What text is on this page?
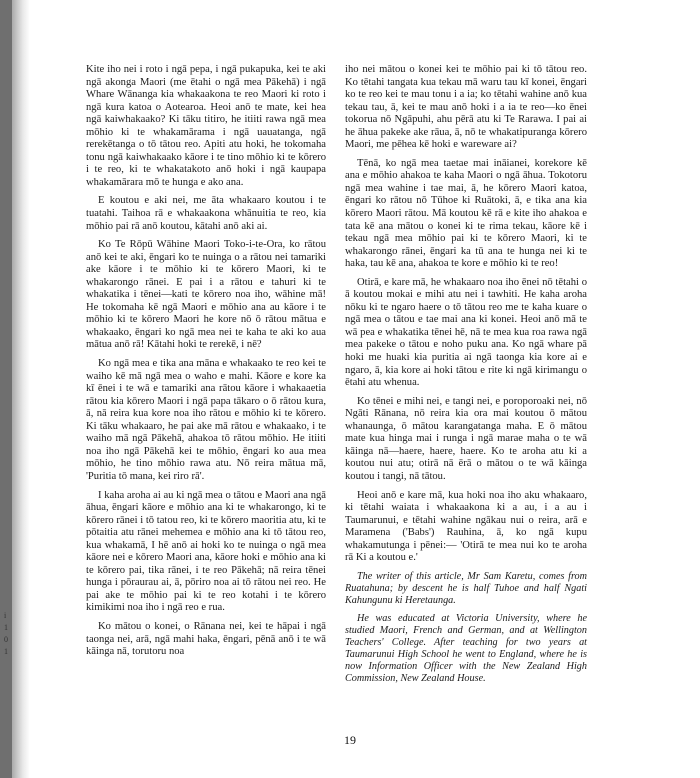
i
1
0
1

Kite iho nei i roto i ngā pepa, i ngā pukapuka, kei te aki ngā akonga Maori (me ētahi o ngā mea Pākehā) i ngā Whare Wānanga kia whakaakona te reo Maori ki roto i ngā kura katoa o Aotearoa. Heoi anō te mate, kei hea ngā kaiwhakaako? Ki tāku titiro, he itiiti rawa ngā mea mōhio ki te whakamārama i ngā uauatanga, ngā rerekētanga o tō tātou reo. Apiti atu hoki, he tokomaha tonu ngā kaiwhakaako kāore i te tino mōhio ki te kōrero i te reo, ki te whakatakoto anō hoki i ngā kaupapa whakamārara mō te hunga e ako ana.

E koutou e aki nei, me āta whakaaro koutou i te tuatahi. Taihoa rā e whakaakona whānuitia te reo, kia mōhio pai rā anō koutou, kātahi anō aki ai.

Ko Te Rōpū Wāhine Maori Toko-i-te-Ora, ko rātou anō kei te aki, ēngari ko te nuinga o a rātou nei tamariki ake kāore i te mōhio ki te kōrero Maori, ki te whakarongo rānei. E pai i a rātou e tahuri ki te whakatika i tēnei—kati te kōrero noa iho, wāhine mā! He tokomaha kē ngā Maori e mōhio ana au kāore i te mōhio ki te kōrero Maori he kore nō ō rātou mātua e whakaako, ēngari ko ngā mea nei te kaha te aki ko aua mātua anō rā! Kātahi hoki te rerekē, i nē?

Ko ngā mea e tika ana māna e whakaako te reo kei te waiho kē mā ngā mea o waho e mahi. Kāore e kore ka kī ēnei i te wā e tamariki ana rātou kāore i whakaaetia rātou kia kōrero Maori i ngā papa tākaro o ō rātou kura, ā, nā reira kua kore noa iho rātou e mōhio ki te kōrero. Ki tāku whakaaro, he pai ake mā rātou e whakaako, i te waiho mā ngā Pākehā, ahakoa tō rātou mōhio. He itiiti noa iho ngā Pākehā kei te mōhio, ēngari ko aua mea mōhio, he tino mōhio rawa atu. Nō reira mātua mā, 'Puritia tō mana, kei riro rā'.

I kaha aroha ai au ki ngā mea o tātou e Maori ana ngā āhua, ēngari kāore e mōhio ana ki te whakarongo, ki te kōrero rānei i tō tatou reo, ki te kōrero maoritia atu, ki te pōtaitia atu rānei mehemea e mōhio ana ki tō tātou reo, kua whakamā, I hē anō ai hoki ko te nuinga o ngā mea kāore nei e kōrero Maori ana, kāore hoki e mōhio ana ki te kōrero pai, tika rānei, i te reo Pākehā; nā reira tēnei hunga i pōraurau ai, ā, pōriro noa ai tō rātou nei reo. He pai ake te mōhio pai ki te reo kotahi i te kōrero kimikimi noa iho i ngā reo e rua.

Ko mātou o konei, o Rānana nei, kei te hāpai i ngā taonga nei, arā, ngā mahi haka, ēngari, pēnā anō i te wā kāinga nā, torutoru noa

iho nei mātou o konei kei te mōhio pai ki tō tātou reo. Ko tētahi tangata kua tekau mā waru tau kī konei, ēngari ko te reo kei te mau tonu i a ia; ko tētahi wahine anō kua tekau tau, ā, kei te mau anō hoki i a ia te reo—ko ēnei tokorua nō Ngāpuhi, ahu pērā atu ki Te Rarawa. I pai ai he āhua pakeke ake rāua, ā, nō te whakatipuranga kōrero Maori, me pēhea kē hoki e wareware ai?

Tēnā, ko ngā mea taetae mai ināianei, korekore kē ana e mōhio ahakoa te kaha Maori o ngā āhua. Tokotoru ngā mea wahine i tae mai, ā, he kōrero Maori katoa, ēngari ko rātou nō Tūhoe ki Ruātoki, ā, e tika ana kia kōrero Maori rātou. Mā koutou kē rā e kite iho ahakoa e tata kē ana mātou o konei ki te rima tekau, kāore kē i tekau ngā mea mōhio pai ki te kōrero Maori, ki te whakarongo rānei, ēngari ka tū ana te hunga nei ki te haka, tau kē ana, ahakoa te kore e mōhio ki te reo!

Otirā, e kare mā, he whakaaro noa iho ēnei nō tētahi o ā koutou mokai e mihi atu nei i tawhiti. He kaha aroha nōku ki te ngaro haere o tō tātou reo me te kaha kuare o ngā mea o tātou e tae mai ana ki konei. Heoi anō mā te wā pea e whakatika tēnei hē, nā te mea kua roa rawa ngā mea pakeke o tātou e noho puku ana. Ko ngā whare pā hoki me huaki kia puritia ai ngā taonga kia kore ai e ngaro, ā, kia kore ai hoki tātou e rite ki ngā kirimangu o ētahi atu whenua.

Ko tēnei e mihi nei, e tangi nei, e poroporoaki nei, nō Ngāti Rānana, nō reira kia ora mai koutou ō mātou whanaunga, ō mātou karangatanga maha. E ō mātou mate kua hinga mai i runga i ngā marae maha o te wā kāinga nā—haere, haere, haere. Ko te aroha atu ki a koutou nui atu; otirā nā ērā o mātou o te wā kāinga koutou i tangi, nā tātou.

Heoi anō e kare mā, kua hoki noa iho aku whakaaro, ki tētahi waiata i whakaakona ki a au, i a au i Taumarunui, e tētahi wahine ngākau nui o reira, arā e Maramena ('Babs') Rauhina, ā, ko ngā kupu whakamutunga i pēnei:— 'Otirā te mea nui ko te aroha rā Ki a koutou e.'

The writer of this article, Mr Sam Karetu, comes from Ruatahuna; by descent he is half Tuhoe and half Ngati Kahungunu ki Heretaunga.

He was educated at Victoria University, where he studied Maori, French and German, and at Wellington Teachers' College. After teaching for two years at Taumarunui High School he went to England, where he is now Information Officer with the New Zealand High Commission, New Zealand House.

19
